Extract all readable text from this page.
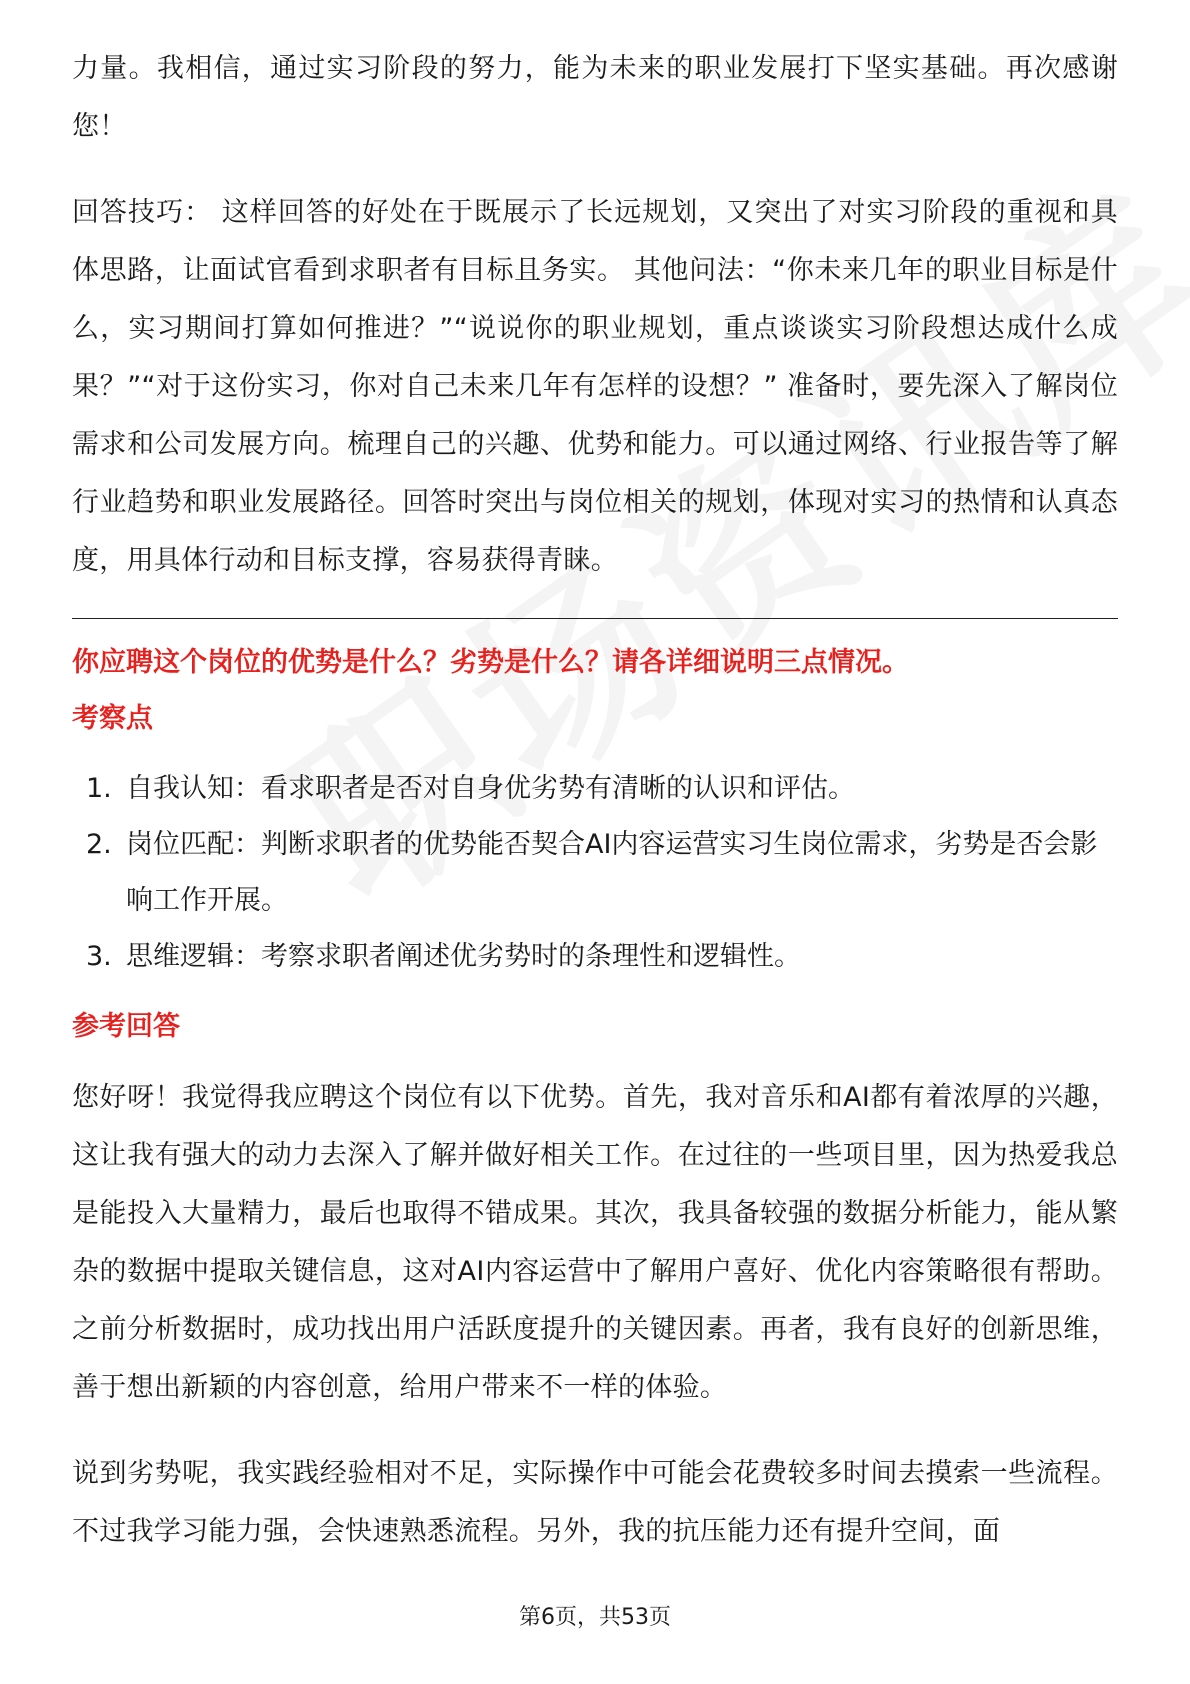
力量。我相信，通过实习阶段的努力，能为未来的职业发展打下坚实基础。再次感谢您！

回答技巧： 这样回答的好处在于既展示了长远规划，又突出了对实习阶段的重视和具体思路，让面试官看到求职者有目标且务实。 其他问法：“你未来几年的职业目标是什么，实习期间打算如何推进？”“说说你的职业规划，重点谈谈实习阶段想达成什么成果？”“对于这份实习，你对自己未来几年有怎样的设想？” 准备时，要先深入了解岗位需求和公司发展方向。梳理自己的兴趣、优势和能力。可以通过网络、行业报告等了解行业趋势和职业发展路径。回答时突出与岗位相关的规划，体现对实习的热情和认真态度，用具体行动和目标支撑，容易获得青睐。

你应聘这个岗位的优势是什么？劣势是什么？请各详细说明三点情况。

考察点

1. 自我认知：看求职者是否对自身优劣势有清晰的认识和评估。
2. 岗位匹配：判断求职者的优势能否契合AI内容运营实习生岗位需求，劣势是否会影响工作开展。
3. 思维逻辑：考察求职者阐述优劣势时的条理性和逻辑性。

参考回答

您好呀！我觉得我应聘这个岗位有以下优势。首先，我对音乐和AI都有着浓厚的兴趣，这让我有强大的动力去深入了解并做好相关工作。在过往的一些项目里，因为热爱我总是能投入大量精力，最后也取得不错成果。其次，我具备较强的数据分析能力，能从繁杂的数据中提取关键信息，这对AI内容运营中了解用户喜好、优化内容策略很有帮助。之前分析数据时，成功找出用户活跃度提升的关键因素。再者，我有良好的创新思维，善于想出新颖的内容创意，给用户带来不一样的体验。

说到劣势呢，我实践经验相对不足，实际操作中可能会花费较多时间去摸索一些流程。不过我学习能力强，会快速熟悉流程。另外，我的抗压能力还有提升空间，面

第6页，共53页
